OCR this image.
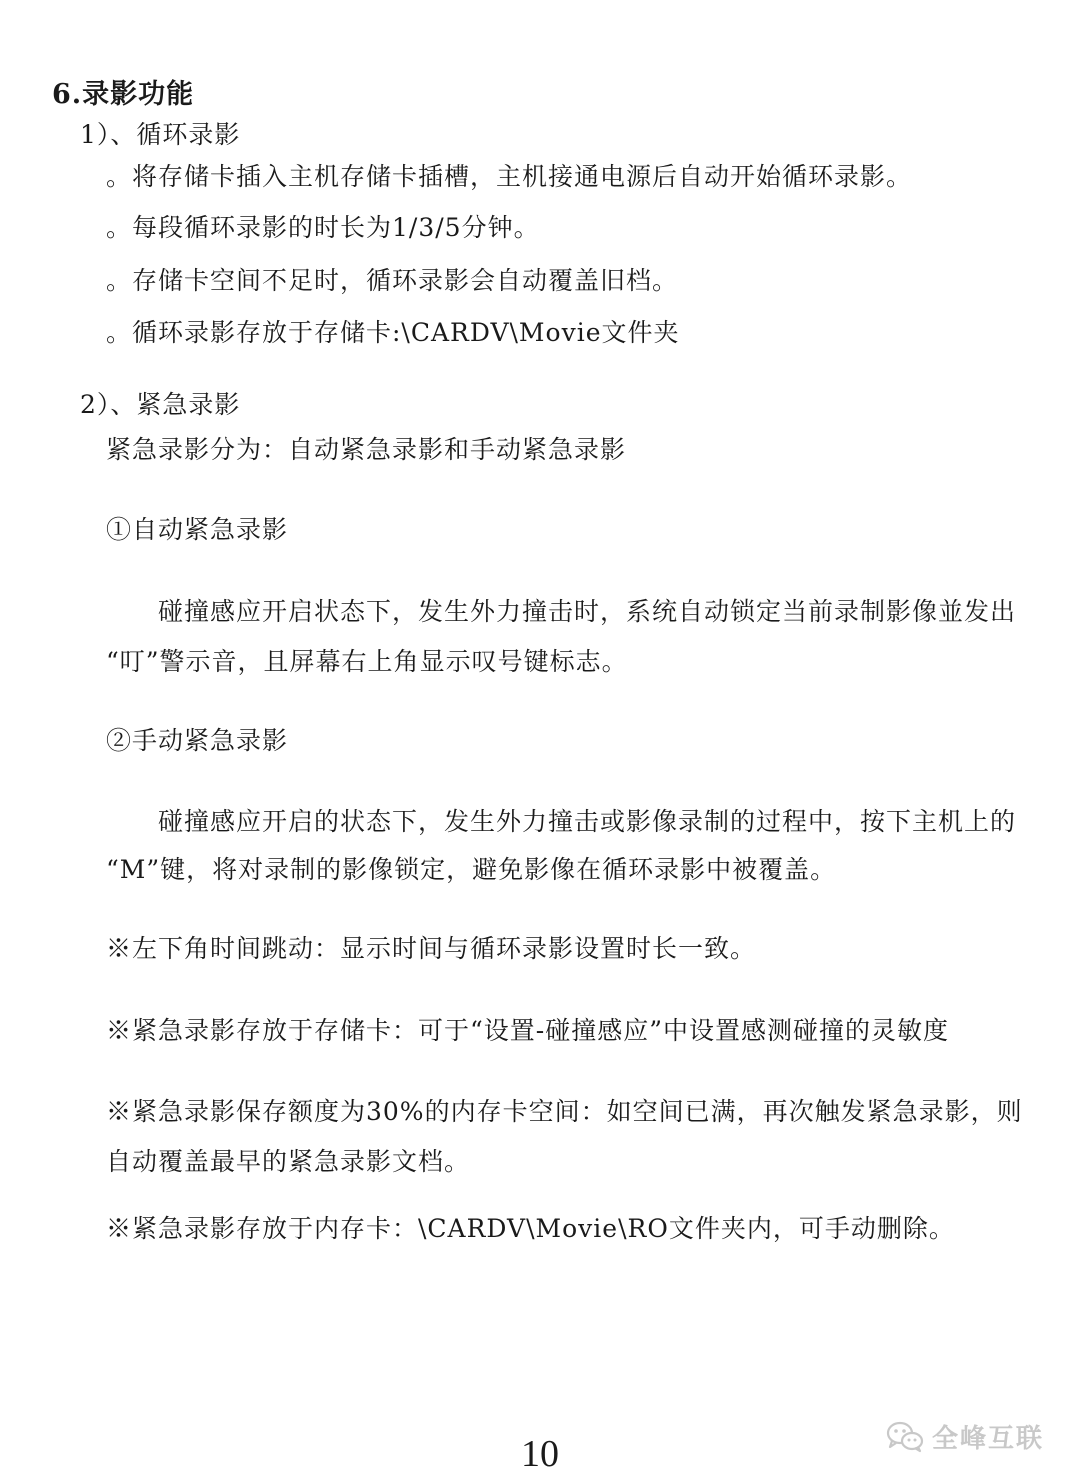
6.录影功能
1）、循环录影
。将存储卡插入主机存储卡插槽，主机接通电源后自动开始循环录影。
。每段循环录影的时长为1/3/5分钟。
。存储卡空间不足时，循环录影会自动覆盖旧档。
。循环录影存放于存储卡:\CARDV\Movie文件夹
2）、紧急录影
紧急录影分为：自动紧急录影和手动紧急录影
①自动紧急录影
碰撞感应开启状态下，发生外力撞击时，系统自动锁定当前录制影像並发出
“叮”警示音，且屏幕右上角显示叹号键标志。
②手动紧急录影
碰撞感应开启的状态下，发生外力撞击或影像录制的过程中，按下主机上的
“M”键，将对录制的影像锁定，避免影像在循环录影中被覆盖。
※左下角时间跳动：显示时间与循环录影设置时长一致。
※紧急录影存放于存储卡：可于“设置-碰撞感应”中设置感测碰撞的灵敏度
※紧急录影保存额度为30%的内存卡空间：如空间已满，再次触发紧急录影，则
自动覆盖最早的紧急录影文档。
※紧急录影存放于内存卡：\CARDV\Movie\RO文件夹内，可手动删除。
10	全峰互联
